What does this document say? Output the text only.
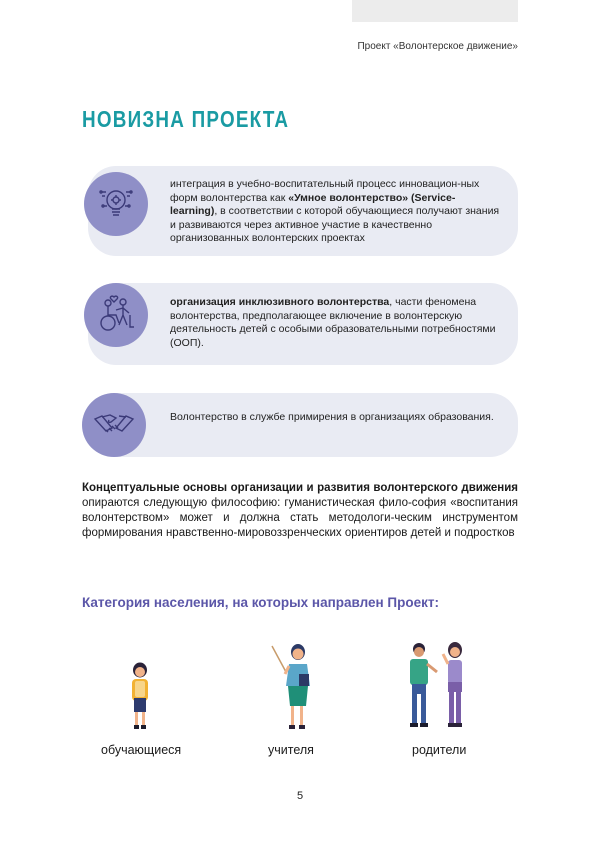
Проект «Волонтерское движение»
НОВИЗНА ПРОЕКТА
интеграция в учебно-воспитательный процесс инновацион-ных форм волонтерства как «Умное волонтерство» (Service-learning), в соответствии с которой обучающиеся получают знания и развиваются через активное участие в качественно организованных волонтерских проектах
организация инклюзивного волонтерства, части феномена волонтерства, предполагающее включение в волонтерскую деятельность детей с особыми образовательными потребностями (ООП).
Волонтерство в службе примирения в организациях образования.
Концептуальные основы организации и развития волонтерского движения опираются следующую философию: гуманистическая фило-софия «воспитания волонтерством» может и должна стать методологи-ческим инструментом формирования нравственно-мировоззренческих ориентиров детей и подростков
Категория населения, на которых направлен Проект:
обучающиеся	учителя	родители
5
